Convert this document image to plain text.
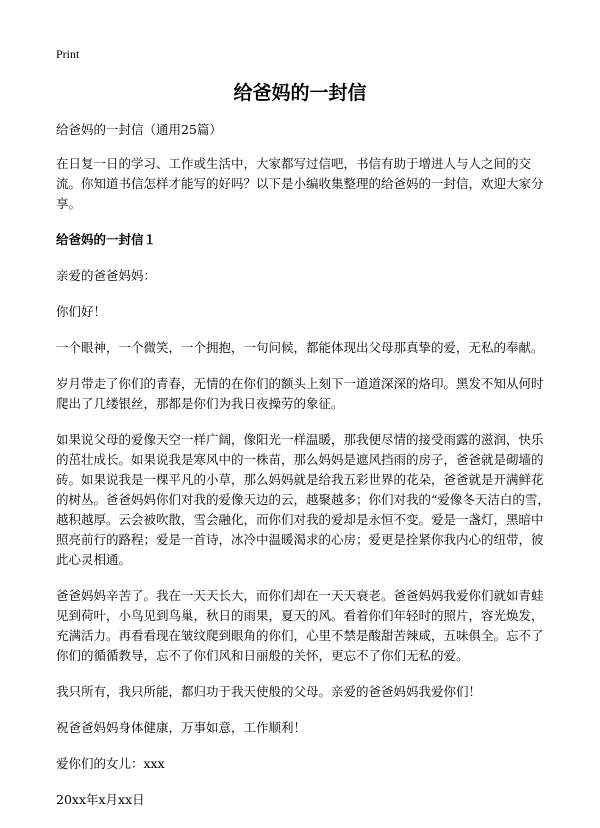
Print
给爸妈的一封信

给爸妈的一封信（通用25篇）

在日复一日的学习、工作或生活中，大家都写过信吧，书信有助于增进人与人之间的交流。你知道书信怎样才能写的好吗？以下是小编收集整理的给爸妈的一封信，欢迎大家分享。

给爸妈的一封信１

亲爱的爸爸妈妈：

你们好！

一个眼神，一个微笑，一个拥抱，一句问候，都能体现出父母那真挚的爱，无私的奉献。

岁月带走了你们的青春，无情的在你们的额头上刻下一道道深深的烙印。黑发不知从何时爬出了几缕银丝，那都是你们为我日夜操劳的象征。

如果说父母的爱像天空一样广阔，像阳光一样温暖，那我便尽情的接受雨露的滋润，快乐的茁壮成长。如果说我是寒风中的一株苗，那么妈妈是遮风挡雨的房子，爸爸就是砌墙的砖。如果说我是一棵平凡的小草，那么妈妈就是给我五彩世界的花朵，爸爸就是开满鲜花的树丛。爸爸妈妈你们对我的爱像天边的云，越聚越多；你们对我的“爱像冬天洁白的雪，越积越厚。云会被吹散，雪会融化，而你们对我的爱却是永恒不变。爱是一盏灯，黑暗中照亮前行的路程；爱是一首诗，冰冷中温暖渴求的心房；爱更是拴紧你我内心的纽带，彼此心灵相通。

爸爸妈妈辛苦了。我在一天天长大，而你们却在一天天衰老。爸爸妈妈我爱你们就如青蛙见到荷叶，小鸟见到鸟巢，秋日的雨果，夏天的风。看着你们年轻时的照片，容光焕发，充满活力。再看看现在皱纹爬到眼角的你们，心里不禁是酸甜苦辣咸，五味俱全。忘不了你们的循循教导，忘不了你们风和日丽般的关怀，更忘不了你们无私的爱。

我只所有，我只所能，都归功于我天使般的父母。亲爱的爸爸妈妈我爱你们！

祝爸爸妈妈身体健康，万事如意，工作顺利！

爱你们的女儿：xxx

20xx年x月xx日
